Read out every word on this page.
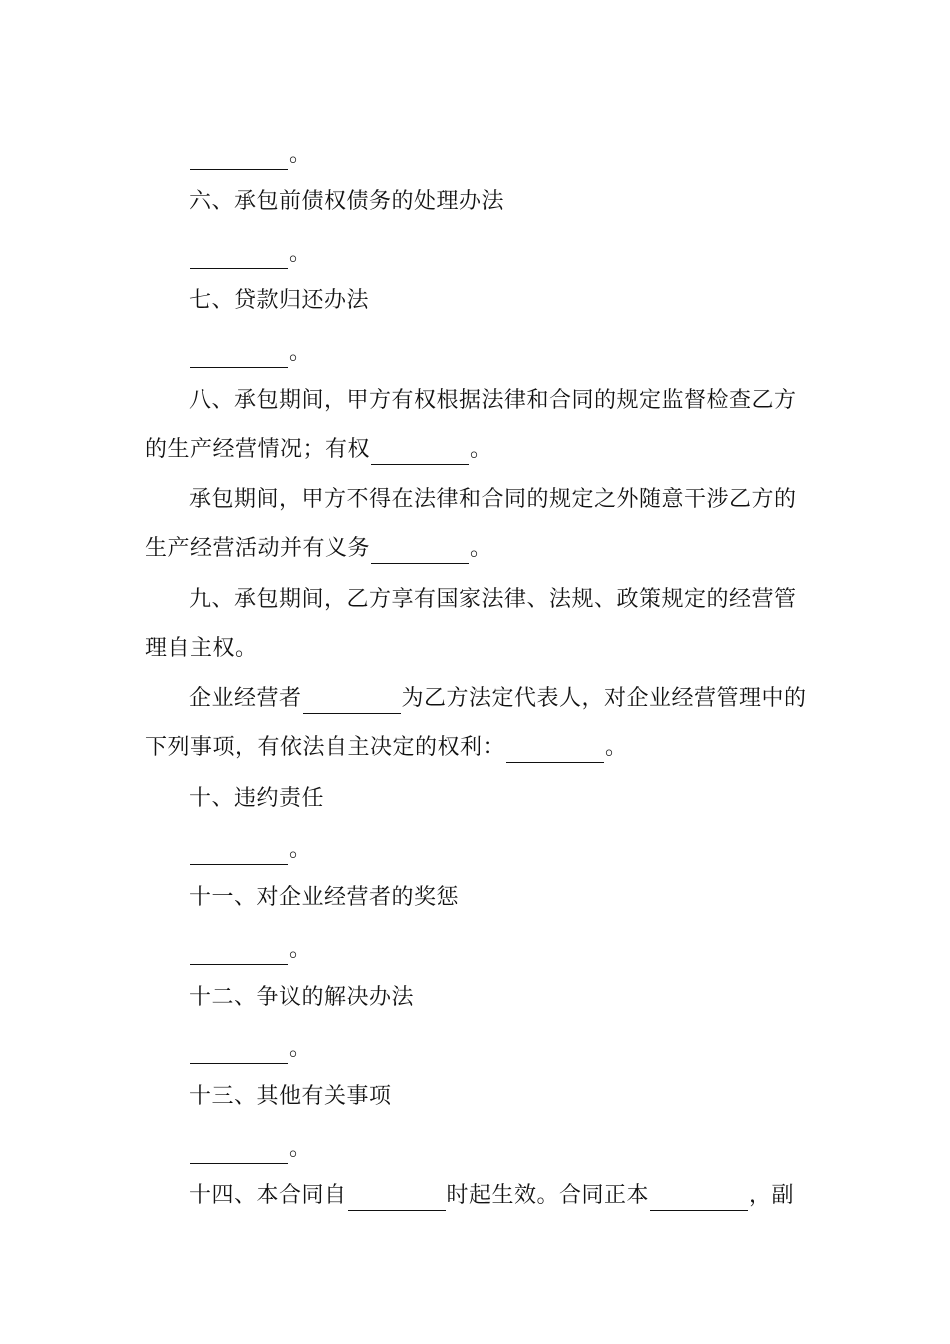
。
六、承包前债权债务的处理办法
。
七、贷款归还办法
。
八、承包期间，甲方有权根据法律和合同的规定监督检查乙方
的生产经营情况；有权	。
承包期间，甲方不得在法律和合同的规定之外随意干涉乙方的
生产经营活动并有义务	。
九、承包期间，乙方享有国家法律、法规、政策规定的经营管
理自主权。
企业经营者	为乙方法定代表人，对企业经营管理中的
下列事项，有依法自主决定的权利：	。
十、违约责任
。
十一、对企业经营者的奖惩
。
十二、争议的解决办法
。
十三、其他有关事项
。
十四、本合同自	时起生效。合同正本	，副
